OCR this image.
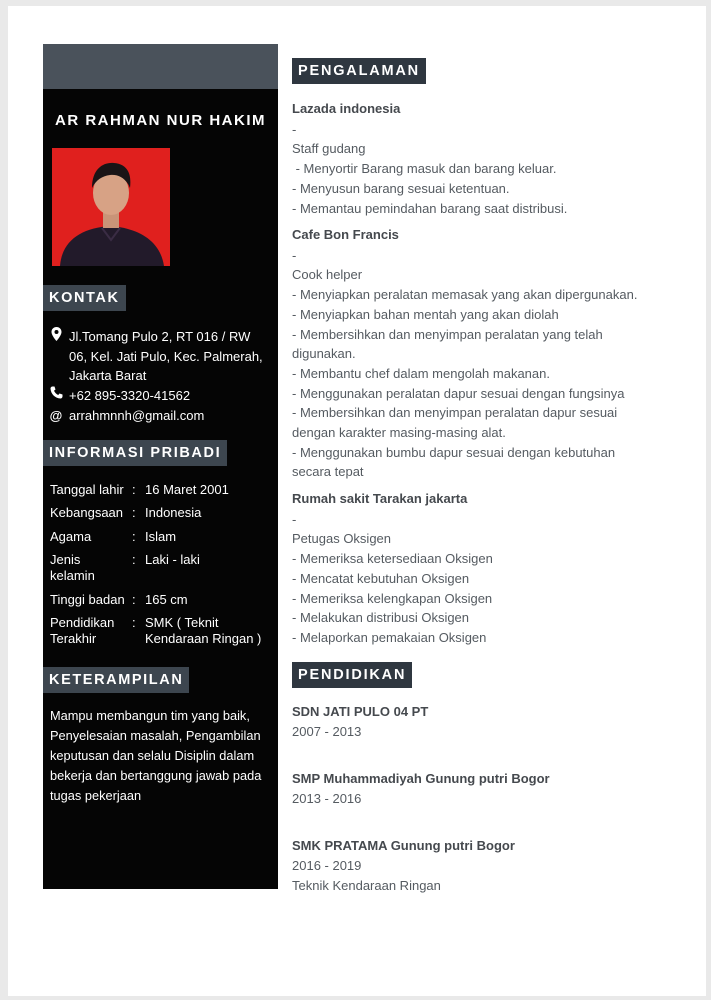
AR RAHMAN NUR HAKIM
KONTAK
Jl.Tomang Pulo 2, RT 016 / RW 06, Kel. Jati Pulo, Kec. Palmerah, Jakarta Barat
+62 895-3320-41562
@ arrahmnnh@gmail.com
INFORMASI PRIBADI
Tanggal lahir : 16 Maret 2001
Kebangsaan : Indonesia
Agama	: Islam
Jenis kelamin
: Laki - laki
Tinggi badan : 165 cm
Pendidikan Terakhir
: SMK ( Teknit Kendaraan Ringan )
KETERAMPILAN
Mampu membangun tim yang baik, Penyelesaian masalah, Pengambilan keputusan dan selalu Disiplin dalam bekerja dan bertanggung jawab pada tugas pekerjaan
PENGALAMAN
Lazada indonesia
-
Staff gudang
- Menyortir Barang masuk dan barang keluar.
- Menyusun barang sesuai ketentuan.
- Memantau pemindahan barang saat distribusi.
Cafe Bon Francis
-
Cook helper
- Menyiapkan peralatan memasak yang akan dipergunakan.
- Menyiapkan bahan mentah yang akan diolah
- Membersihkan dan menyimpan peralatan yang telah digunakan.
- Membantu chef dalam mengolah makanan.
- Menggunakan peralatan dapur sesuai dengan fungsinya
- Membersihkan dan menyimpan peralatan dapur sesuai dengan karakter masing-masing alat.
- Menggunakan bumbu dapur sesuai dengan kebutuhan secara tepat
Rumah sakit Tarakan jakarta
-
Petugas Oksigen
- Memeriksa ketersediaan Oksigen
- Mencatat kebutuhan Oksigen
- Memeriksa kelengkapan Oksigen
- Melakukan distribusi Oksigen
- Melaporkan pemakaian Oksigen
PENDIDIKAN
SDN JATI PULO 04 PT
2007 - 2013
SMP Muhammadiyah Gunung putri Bogor
2013 - 2016
SMK PRATAMA Gunung putri Bogor
2016 - 2019
Teknik Kendaraan Ringan
